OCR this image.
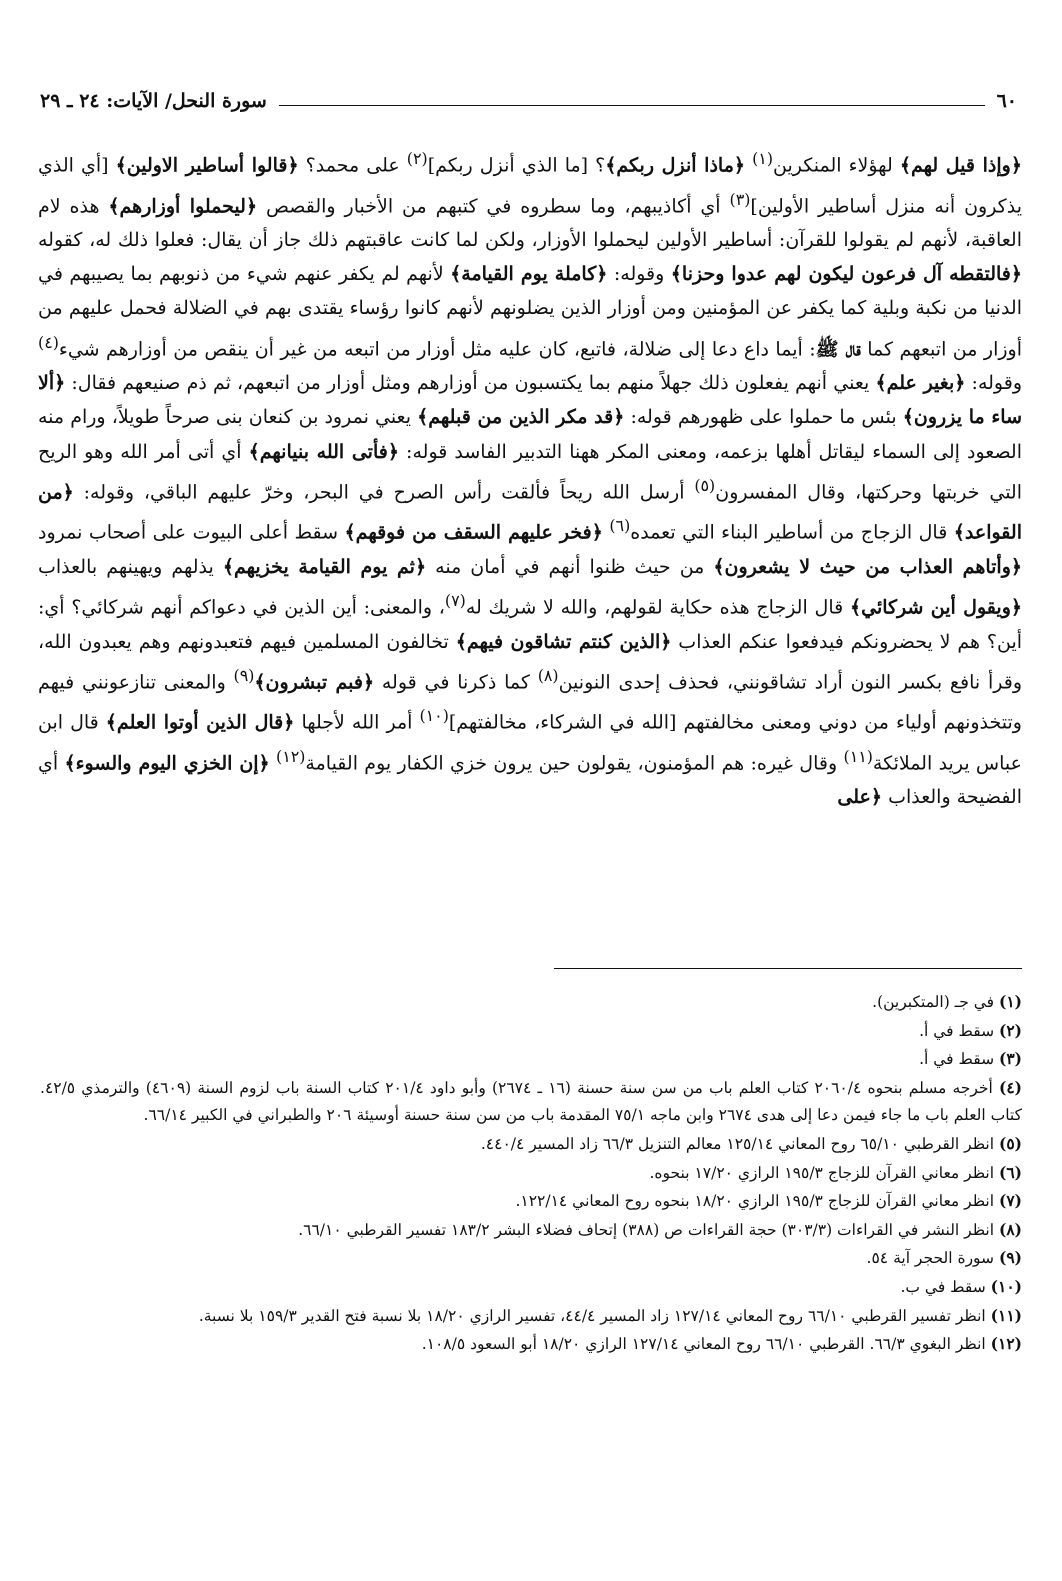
٦٠
سورة النحل/ الآيات: ٢٤ ـ ٢٩

﴿وإذا قيل لهم﴾ لهؤلاء المنكرين$^{(١)}$ ﴿ماذا أنزل ربكم﴾؟ [ما الذي أنزل ربكم]$^{(٢)}$ على محمد؟ ﴿قالوا أساطير الاولين﴾ [أي الذي يذكرون أنه منزل أساطير الأولين]$^{(٣)}$ أي أكاذيبهم، وما سطروه في كتبهم من الأخبار والقصص ﴿ليحملوا أوزارهم﴾ هذه لام العاقبة، لأنهم لم يقولوا للقرآن: أساطير الأولين ليحملوا الأوزار، ولكن لما كانت عاقبتهم ذلك جاز أن يقال: فعلوا ذلك له، كقوله ﴿فالتقطه آل فرعون ليكون لهم عدوا وحزنا﴾ وقوله: ﴿كاملة يوم القيامة﴾ لأنهم لم يكفر عنهم شيء من ذنوبهم بما يصيبهم في الدنيا من نكبة وبلية كما يكفر عن المؤمنين ومن أوزار الذين يضلونهم لأنهم كانوا رؤساء يقتدى بهم في الضلالة فحمل عليهم من أوزار من اتبعهم كما قال ﷺ: أيما داع دعا إلى ضلالة، فاتبع، كان عليه مثل أوزار من اتبعه من غير أن ينقص من أوزارهم شيء$^{(٤)}$ وقوله: ﴿بغير علم﴾ يعني أنهم يفعلون ذلك جهلاً منهم بما يكتسبون من أوزارهم ومثل أوزار من اتبعهم، ثم ذم صنيعهم فقال: ﴿ألا ساء ما يزرون﴾ بئس ما حملوا على ظهورهم قوله: ﴿قد مكر الذين من قبلهم﴾ يعني نمرود بن كنعان بنى صرحاً طويلاً، ورام منه الصعود إلى السماء ليقاتل أهلها بزعمه، ومعنى المكر ههنا التدبير الفاسد قوله: ﴿فأتى الله بنيانهم﴾ أي أتى أمر الله وهو الريح التي خربتها وحركتها، وقال المفسرون$^{(٥)}$ أرسل الله ريحاً فألقت رأس الصرح في البحر، وخرّ عليهم الباقي، وقوله: ﴿من القواعد﴾ قال الزجاج من أساطير البناء التي تعمده$^{(٦)}$ ﴿فخر عليهم السقف من فوقهم﴾ سقط أعلى البيوت على أصحاب نمرود ﴿وأتاهم العذاب من حيث لا يشعرون﴾ من حيث ظنوا أنهم في أمان منه ﴿ثم يوم القيامة يخزيهم﴾ يذلهم ويهينهم بالعذاب ﴿ويقول أين شركائي﴾ قال الزجاج هذه حكاية لقولهم، والله لا شريك له$^{(٧)}$، والمعنى: أين الذين في دعواكم أنهم شركائي؟ أي: أين؟ هم لا يحضرونكم فيدفعوا عنكم العذاب ﴿الذين كنتم تشاقون فيهم﴾ تخالفون المسلمين فيهم فتعبدونهم وهم يعبدون الله، وقرأ نافع بكسر النون أراد تشاقونني، فحذف إحدى النونين$^{(٨)}$ كما ذكرنا في قوله ﴿فبم تبشرون﴾$^{(٩)}$ والمعنى تنازعونني فيهم وتتخذونهم أولياء من دوني ومعنى مخالفتهم [الله في الشركاء، مخالفتهم]$^{(١٠)}$ أمر الله لأجلها ﴿قال الذين أوتوا العلم﴾ قال ابن عباس يريد الملائكة$^{(١١)}$ وقال غيره: هم المؤمنون، يقولون حين يرون خزي الكفار يوم القيامة$^{(١٢)}$ ﴿إن الخزي اليوم والسوء﴾ أي الفضيحة والعذاب ﴿على

(١) في جـ (المتكبرين).

(٢) سقط في أ.

(٣) سقط في أ.

(٤) أخرجه مسلم بنحوه ٢٠٦٠/٤ كتاب العلم باب من سن سنة حسنة (١٦ ـ ٢٦٧٤) وأبو داود ٢٠١/٤ كتاب السنة باب لزوم السنة (٤٦٠٩) والترمذي ٤٢/٥. كتاب العلم باب ما جاء فيمن دعا إلى هدى ٢٦٧٤ وابن ماجه ٧٥/١ المقدمة باب من سن سنة حسنة أوسيئة ٢٠٦ والطبراني في الكبير ٦٦/١٤.

(٥) انظر القرطبي ٦٥/١٠ روح المعاني ١٢٥/١٤ معالم التنزيل ٦٦/٣ زاد المسير ٤٤٠/٤.

(٦) انظر معاني القرآن للزجاج ١٩٥/٣ الرازي ١٧/٢٠ بنحوه.

(٧) انظر معاني القرآن للزجاج ١٩٥/٣ الرازي ١٨/٢٠ بنحوه روح المعاني ١٢٢/١٤.

(٨) انظر النشر في القراءات (٣٠٣/٣) حجة القراءات ص (٣٨٨) إتحاف فضلاء البشر ١٨٣/٢ تفسير القرطبي ٦٦/١٠.

(٩) سورة الحجر آية ٥٤.

(١٠) سقط في ب.

(١١) انظر تفسير القرطبي ٦٦/١٠ روح المعاني ١٢٧/١٤ زاد المسير ٤٤/٤، تفسير الرازي ١٨/٢٠ بلا نسبة فتح القدير ١٥٩/٣ بلا نسبة.

(١٢) انظر البغوي ٦٦/٣. القرطبي ٦٦/١٠ روح المعاني ١٢٧/١٤ الرازي ١٨/٢٠ أبو السعود ١٠٨/٥.
